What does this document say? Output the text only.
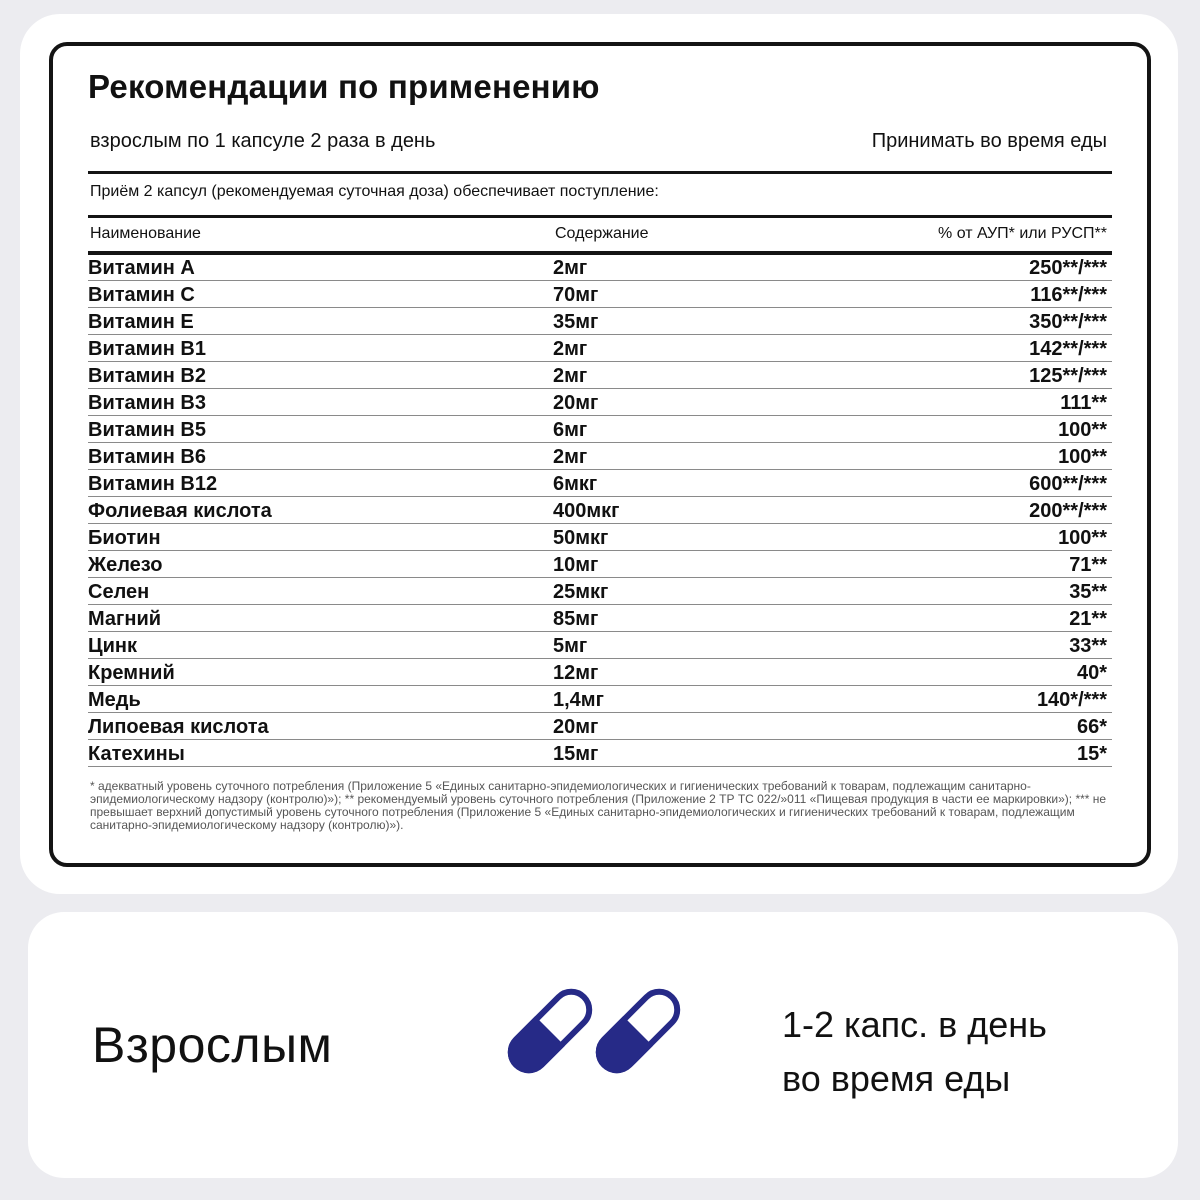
Рекомендации по применению
взрослым по 1 капсуле 2 раза в день	Принимать во время еды
Приём 2 капсул (рекомендуемая суточная доза) обеспечивает поступление:
Наименование	Содержание	% от АУП* или РУСП**
Витамин А	2мг	250**/***
Витамин С	70мг	116**/***
Витамин Е	35мг	350**/***
Витамин В1	2мг	142**/***
Витамин В2	2мг	125**/***
Витамин В3	20мг	111**
Витамин В5	6мг	100**
Витамин В6	2мг	100**
Витамин В12	6мкг	600**/***
Фолиевая кислота	400мкг	200**/***
Биотин	50мкг	100**
Железо	10мг	71**
Селен	25мкг	35**
Магний	85мг	21**
Цинк	5мг	33**
Кремний	12мг	40*
Медь	1,4мг	140*/***
Липоевая кислота	20мг	66*
Катехины	15мг	15*
* адекватный уровень суточного потребления (Приложение 5 «Единых санитарно-эпидемиологических и гигиенических требований к товарам, подлежащим санитарно-эпидемиологическому надзору (контролю)»); ** рекомендуемый уровень суточного потребления (Приложение 2 ТР ТС 022/»011 «Пищевая продукция в части ее маркировки»); *** не превышает верхний допустимый уровень суточного потребления (Приложение 5 «Единых санитарно-эпидемиологических и гигиенических требований к товарам, подлежащим санитарно-эпидемиологическому надзору (контролю)»).
Взрослым	1-2 капс. в день
во время еды
